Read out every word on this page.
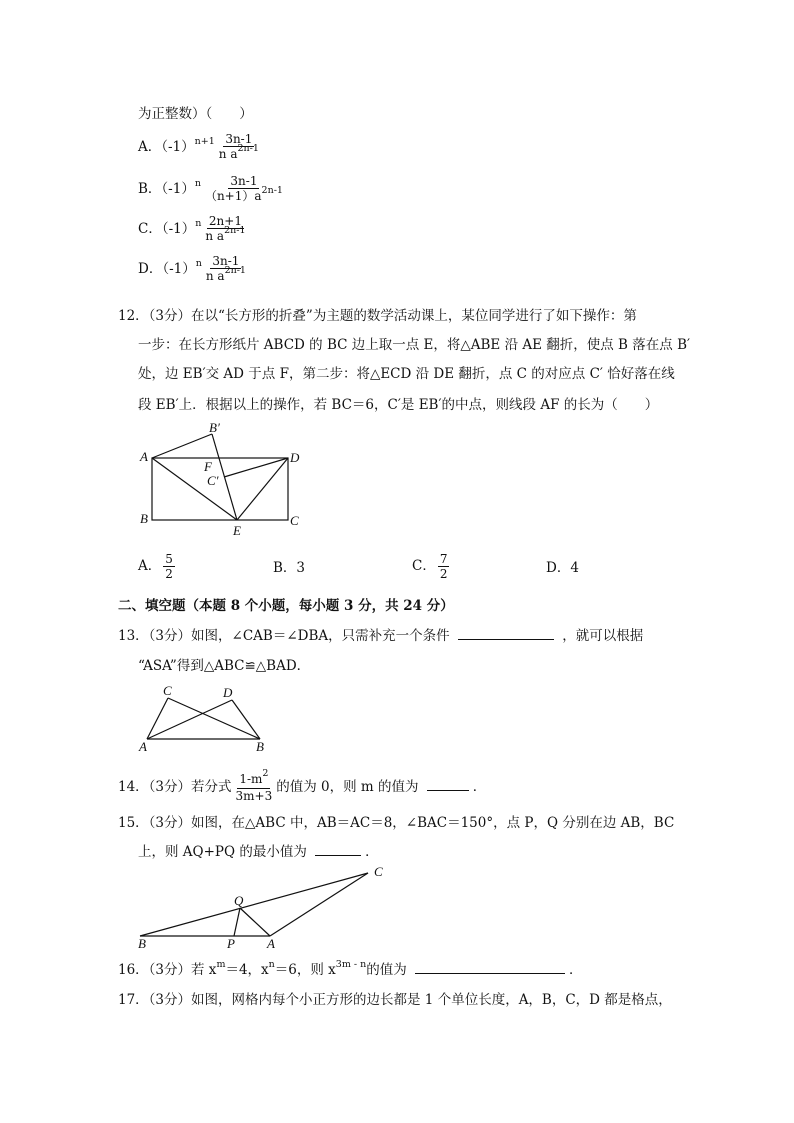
为正整数）（　　）
A．$(-1)^{n+1} \frac{3n-1}{n a^{2n-1}}$
B．$(-1)^n \frac{3n-1}{(n+1)a^{2n-1}}$
C．$(-1)^n \frac{2n+1}{n a^{2n-1}}$
D．$(-1)^n \frac{3n-1}{n a^{2n-1}}$
12．（3分）在以“长方形的折叠”为主题的数学活动课上，某位同学进行了如下操作：第
一步：在长方形纸片 ABCD 的 BC 边上取一点 E，将△ABE 沿 AE 翻折，使点 B 落在点 B′
处，边 EB′交 AD 于点 F，第二步：将△ECD 沿 DE 翻折，点 C 的对应点 C′ 恰好落在线
段 EB′上．根据以上的操作，若 BC＝6，C′是 EB′的中点，则线段 AF 的长为（　　）
A
B′
D
F
C′
B	C
E
A． $\frac{5}{2}$	B．3	C． $\frac{7}{2}$	D．4
二、填空题（本题 8 个小题，每小题 3 分，共 24 分）
13．（3分）如图，∠CAB＝∠DBA，只需补充一个条件	，就可以根据
“ASA”得到△ABC≌△BAD．
C	D
A	B
14．（3分）若分式 $\frac{1-m^2}{3m+3}$ 的值为 0，则 m 的值为	．
15．（3分）如图，在△ABC 中，AB＝AC＝8，∠BAC＝150°，点 P，Q 分别在边 AB，BC
上，则 AQ+PQ 的最小值为	．
C
Q
B	P A
16．（3分）若 $x^m=4$，$x^n=6$，则 $x^{3m - n}$的值为	．
17．（3分）如图，网格内每个小正方形的边长都是 1 个单位长度，A，B，C，D 都是格点，
